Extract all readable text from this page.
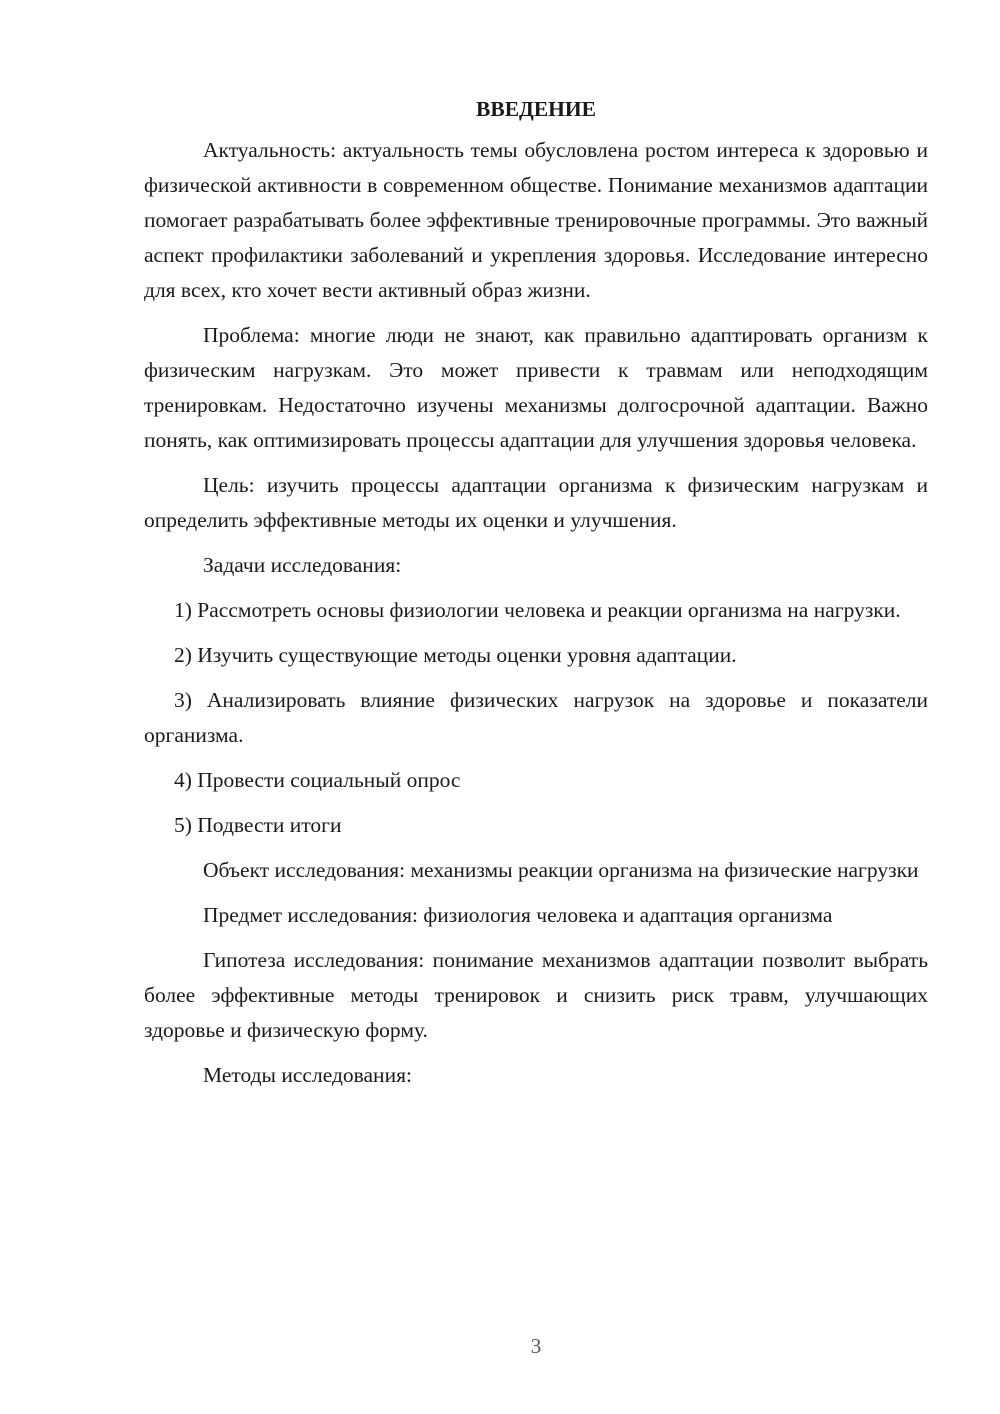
ВВЕДЕНИЕ

Актуальность: актуальность темы обусловлена ростом интереса к здоровью и физической активности в современном обществе. Понимание механизмов адаптации помогает разрабатывать более эффективные тренировочные программы. Это важный аспект профилактики заболеваний и укрепления здоровья. Исследование интересно для всех, кто хочет вести активный образ жизни.

Проблема: многие люди не знают, как правильно адаптировать организм к физическим нагрузкам. Это может привести к травмам или неподходящим тренировкам. Недостаточно изучены механизмы долгосрочной адаптации. Важно понять, как оптимизировать процессы адаптации для улучшения здоровья человека.

Цель: изучить процессы адаптации организма к физическим нагрузкам и определить эффективные методы их оценки и улучшения.

Задачи исследования:

1) Рассмотреть основы физиологии человека и реакции организма на нагрузки.

2) Изучить существующие методы оценки уровня адаптации.

3) Анализировать влияние физических нагрузок на здоровье и показатели организма.

4) Провести социальный опрос

5) Подвести итоги

Объект исследования: механизмы реакции организма на физические нагрузки

Предмет исследования: физиология человека и адаптация организма

Гипотеза исследования: понимание механизмов адаптации позволит выбрать более эффективные методы тренировок и снизить риск травм, улучшающих здоровье и физическую форму.

Методы исследования:

3
